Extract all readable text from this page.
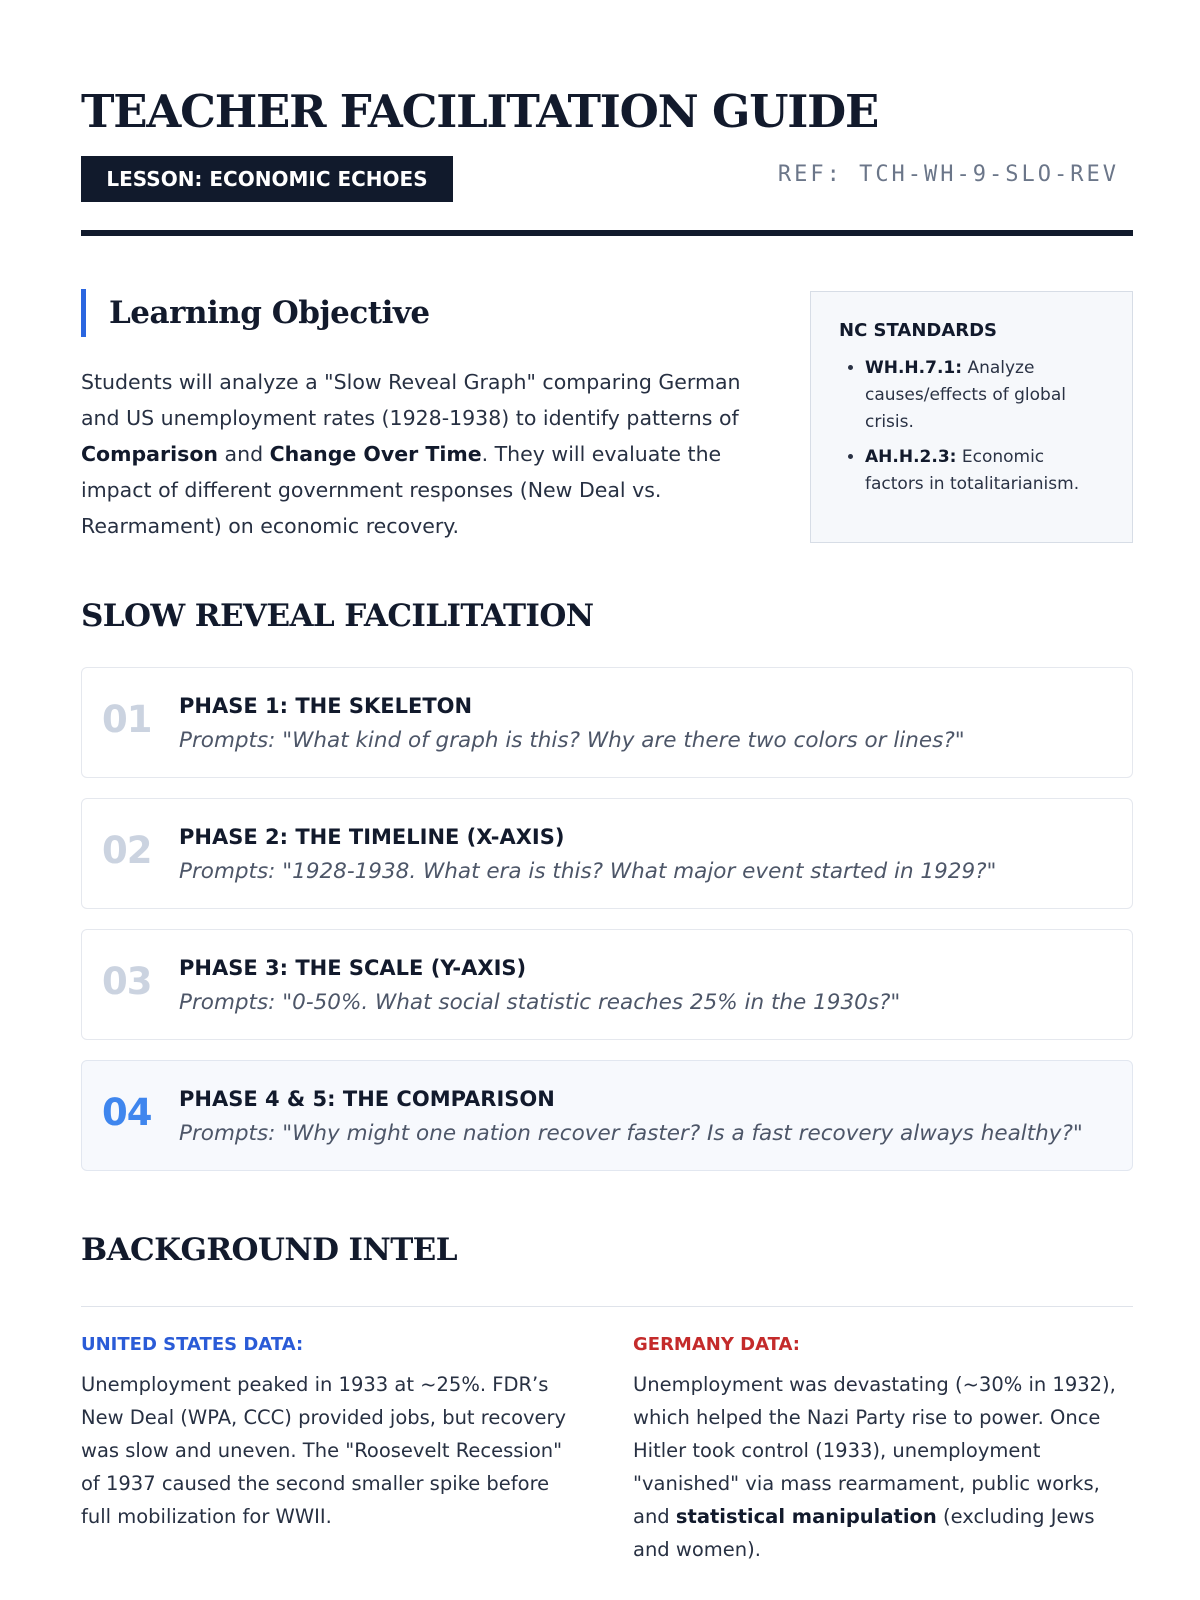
TEACHER FACILITATION GUIDE
LESSON: ECONOMIC ECHOES	REF: TCH-WH-9-SLO-REV
Learning Objective

Students will analyze a "Slow Reveal Graph" comparing German and US unemployment rates (1928-1938) to identify patterns of Comparison and Change Over Time. They will evaluate the impact of different government responses (New Deal vs. Rearmament) on economic recovery.

NC STANDARDS
• WH.H.7.1: Analyze causes/effects of global crisis.
• AH.H.2.3: Economic factors in totalitarianism.
SLOW REVEAL FACILITATION
01 PHASE 1: THE SKELETON
Prompts: "What kind of graph is this? Why are there two colors or lines?"
02 PHASE 2: THE TIMELINE (X-AXIS)
Prompts: "1928-1938. What era is this? What major event started in 1929?"
03 PHASE 3: THE SCALE (Y-AXIS)
Prompts: "0-50%. What social statistic reaches 25% in the 1930s?"
04 PHASE 4 & 5: THE COMPARISON
Prompts: "Why might one nation recover faster? Is a fast recovery always healthy?"
BACKGROUND INTEL
UNITED STATES DATA:

Unemployment peaked in 1933 at ~25%. FDR’s New Deal (WPA, CCC) provided jobs, but recovery was slow and uneven. The "Roosevelt Recession" of 1937 caused the second smaller spike before full mobilization for WWII.

GERMANY DATA:

Unemployment was devastating (~30% in 1932), which helped the Nazi Party rise to power. Once Hitler took control (1933), unemployment "vanished" via mass rearmament, public works, and statistical manipulation (excluding Jews and women).
